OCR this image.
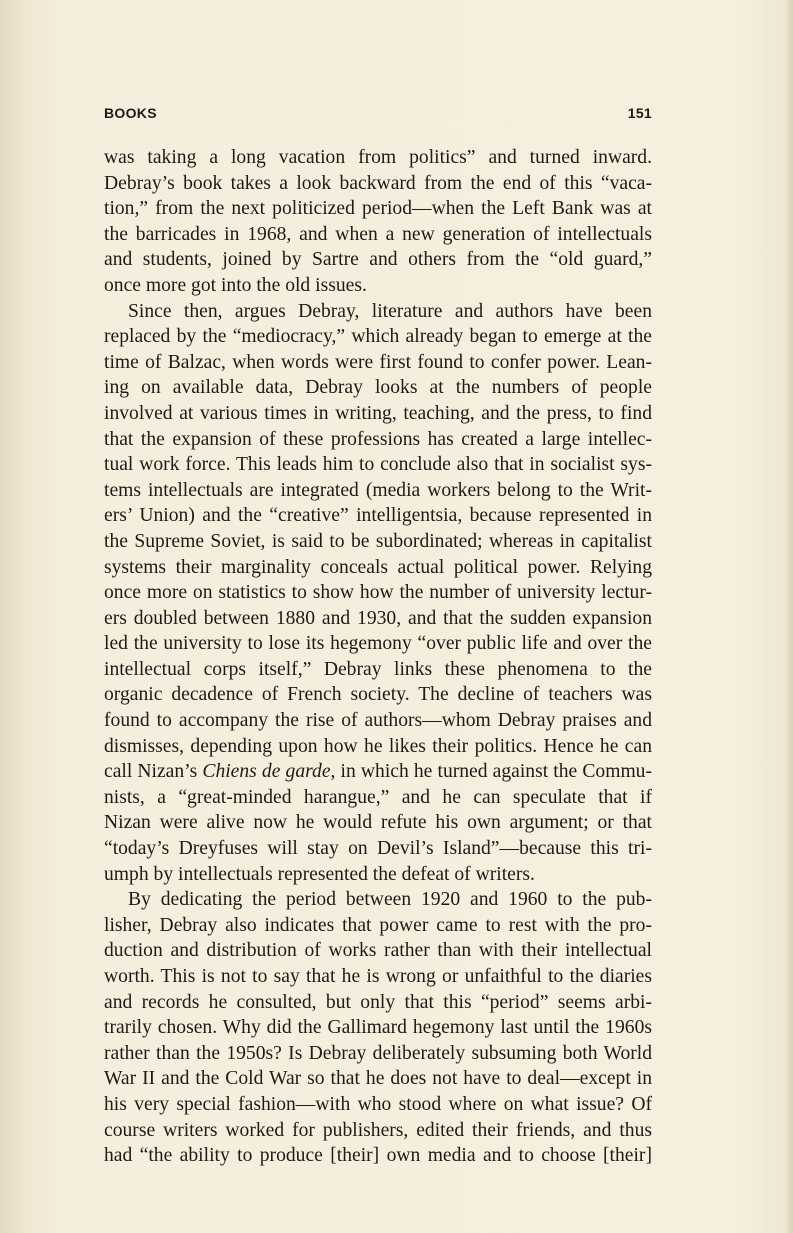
BOOKS	151
was taking a long vacation from politics” and turned inward.
Debray’s book takes a look backward from the end of this “vaca-
tion,” from the next politicized period—when the Left Bank was at
the barricades in 1968, and when a new generation of intellectuals
and students, joined by Sartre and others from the “old guard,”
once more got into the old issues.
Since then, argues Debray, literature and authors have been
replaced by the “mediocracy,” which already began to emerge at the
time of Balzac, when words were first found to confer power. Lean-
ing on available data, Debray looks at the numbers of people
involved at various times in writing, teaching, and the press, to find
that the expansion of these professions has created a large intellec-
tual work force. This leads him to conclude also that in socialist sys-
tems intellectuals are integrated (media workers belong to the Writ-
ers’ Union) and the “creative” intelligentsia, because represented in
the Supreme Soviet, is said to be subordinated; whereas in capitalist
systems their marginality conceals actual political power. Relying
once more on statistics to show how the number of university lectur-
ers doubled between 1880 and 1930, and that the sudden expansion
led the university to lose its hegemony “over public life and over the
intellectual corps itself,” Debray links these phenomena to the
organic decadence of French society. The decline of teachers was
found to accompany the rise of authors—whom Debray praises and
dismisses, depending upon how he likes their politics. Hence he can
call Nizan’s Chiens de garde, in which he turned against the Commu-
nists, a “great-minded harangue,” and he can speculate that if
Nizan were alive now he would refute his own argument; or that
“today’s Dreyfuses will stay on Devil’s Island”—because this tri-
umph by intellectuals represented the defeat of writers.
By dedicating the period between 1920 and 1960 to the pub-
lisher, Debray also indicates that power came to rest with the pro-
duction and distribution of works rather than with their intellectual
worth. This is not to say that he is wrong or unfaithful to the diaries
and records he consulted, but only that this “period” seems arbi-
trarily chosen. Why did the Gallimard hegemony last until the 1960s
rather than the 1950s? Is Debray deliberately subsuming both World
War II and the Cold War so that he does not have to deal—except in
his very special fashion—with who stood where on what issue? Of
course writers worked for publishers, edited their friends, and thus
had “the ability to produce [their] own media and to choose [their]
